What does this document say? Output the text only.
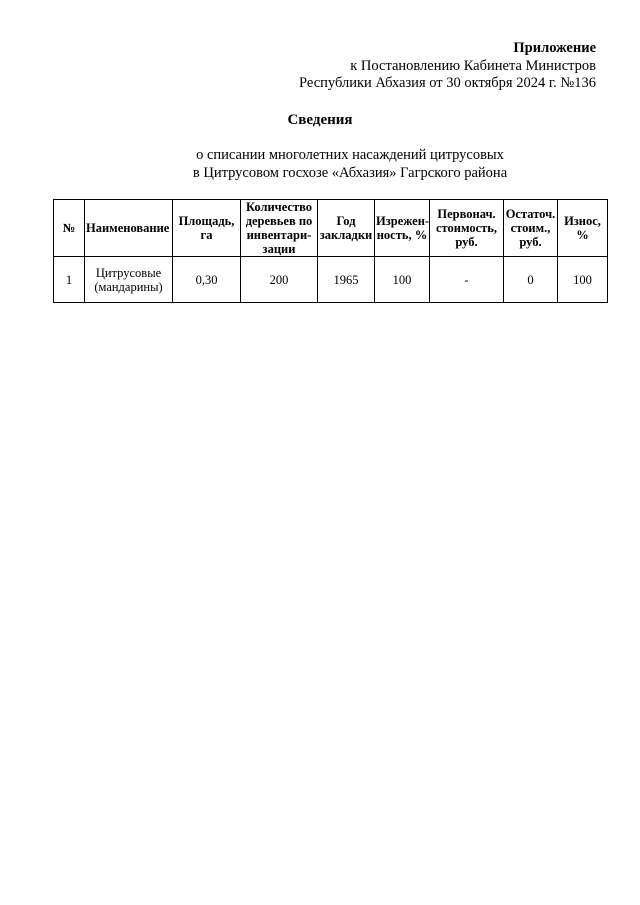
Приложение
к Постановлению Кабинета Министров
Республики Абхазия от 30 октября 2024 г. №136
Сведения
о списании многолетних насаждений цитрусовых
в Цитрусовом госхозе «Абхазия» Гагрского района
№	Наименование	Площадь, га	Количество деревьев по инвентари-зации	Год закладки	Изрежен-ность, %	Первонач. стоимость, руб.	Остаточ. стоим., руб.	Износ, %
1	Цитрусовые (мандарины)	0,30	200	1965	100	-	0	100
